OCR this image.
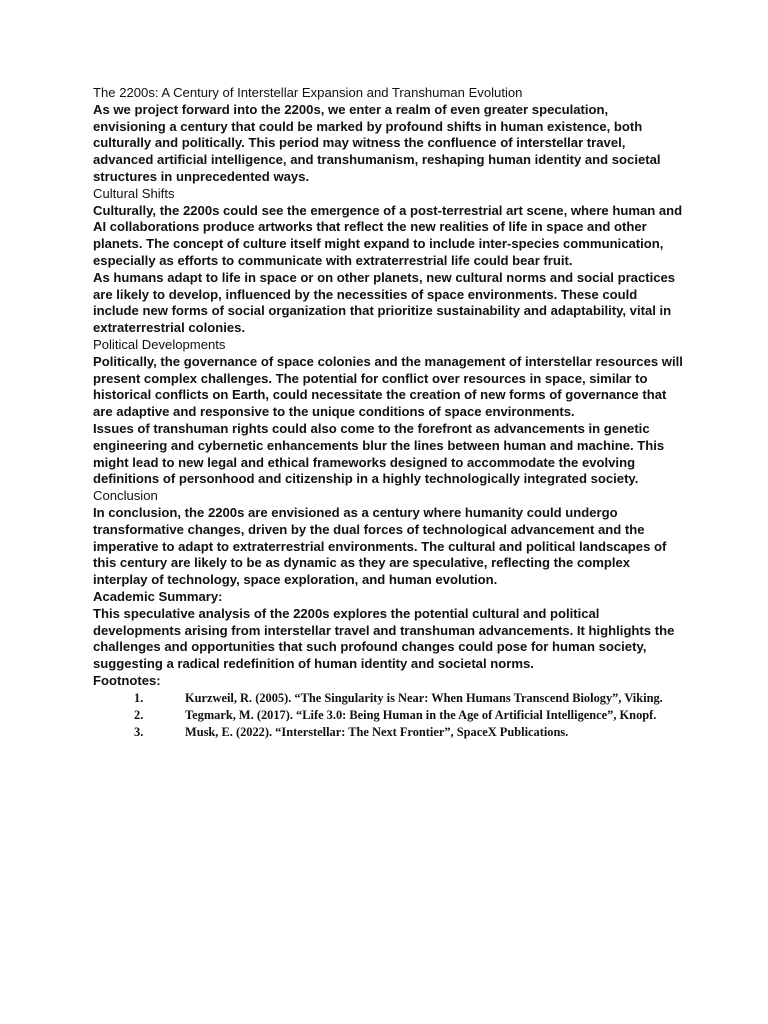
The 2200s: A Century of Interstellar Expansion and Transhuman Evolution

As we project forward into the 2200s, we enter a realm of even greater speculation, envisioning a century that could be marked by profound shifts in human existence, both culturally and politically. This period may witness the confluence of interstellar travel, advanced artificial intelligence, and transhumanism, reshaping human identity and societal structures in unprecedented ways.

Cultural Shifts

Culturally, the 2200s could see the emergence of a post-terrestrial art scene, where human and AI collaborations produce artworks that reflect the new realities of life in space and other planets. The concept of culture itself might expand to include inter-species communication, especially as efforts to communicate with extraterrestrial life could bear fruit.

As humans adapt to life in space or on other planets, new cultural norms and social practices are likely to develop, influenced by the necessities of space environments. These could include new forms of social organization that prioritize sustainability and adaptability, vital in extraterrestrial colonies.

Political Developments

Politically, the governance of space colonies and the management of interstellar resources will present complex challenges. The potential for conflict over resources in space, similar to historical conflicts on Earth, could necessitate the creation of new forms of governance that are adaptive and responsive to the unique conditions of space environments.

Issues of transhuman rights could also come to the forefront as advancements in genetic engineering and cybernetic enhancements blur the lines between human and machine. This might lead to new legal and ethical frameworks designed to accommodate the evolving definitions of personhood and citizenship in a highly technologically integrated society.

Conclusion

In conclusion, the 2200s are envisioned as a century where humanity could undergo transformative changes, driven by the dual forces of technological advancement and the imperative to adapt to extraterrestrial environments. The cultural and political landscapes of this century are likely to be as dynamic as they are speculative, reflecting the complex interplay of technology, space exploration, and human evolution.

Academic Summary:

This speculative analysis of the 2200s explores the potential cultural and political developments arising from interstellar travel and transhuman advancements. It highlights the challenges and opportunities that such profound changes could pose for human society, suggesting a radical redefinition of human identity and societal norms.

Footnotes:

1.	Kurzweil, R. (2005). “The Singularity is Near: When Humans Transcend Biology”, Viking.
2.	Tegmark, M. (2017). “Life 3.0: Being Human in the Age of Artificial Intelligence”, Knopf.
3.	Musk, E. (2022). “Interstellar: The Next Frontier”, SpaceX Publications.
